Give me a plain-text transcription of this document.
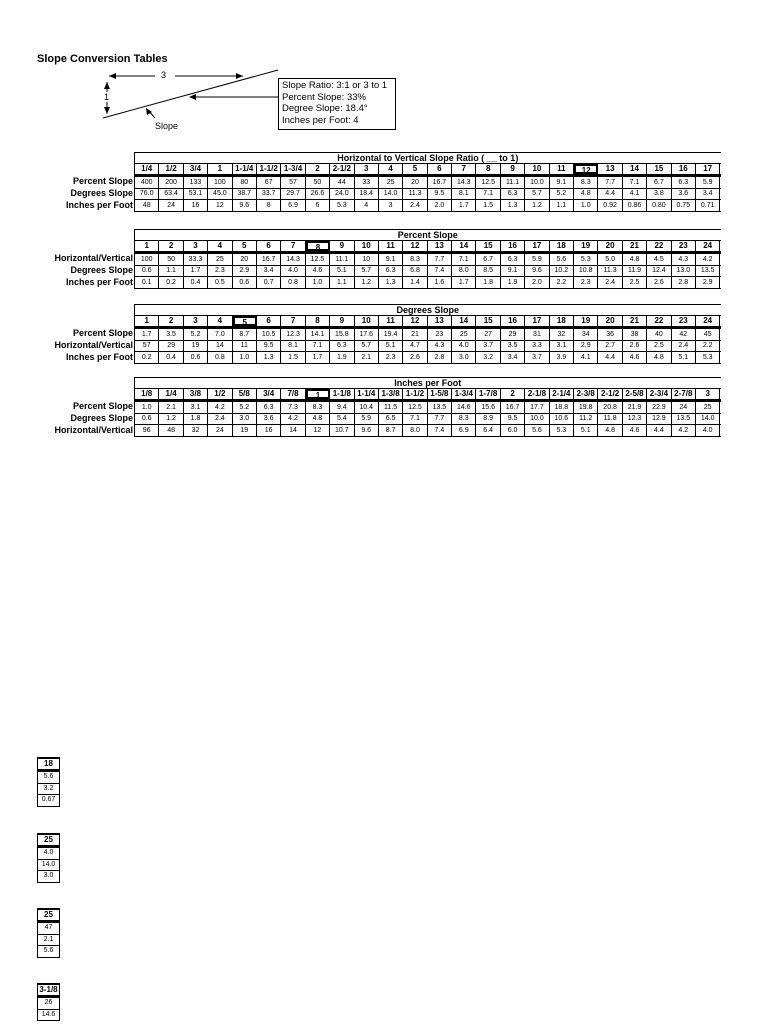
Slope Conversion Tables
3
1
Slope
Slope Ratio: 3:1 or 3 to 1
Percent Slope: 33%
Degree Slope: 18.4°
Inches per Foot: 4
Horizontal to Vertical Slope Ratio ( __ to 1)
1/4	1/2	3/4	1	1-1/4 1-1/2 1-3/4	2	2-1/2	3	4	5	6	7	8	9	10	11	12	13	14	15	16	17
Percent Slope	400	200	133	100	80	67	57	50	44	33	25	20	16.7	14.3	12.5	11.1	10.0	9.1	8.3	7.7	7.1	6.7	6.3	5.9
Degrees Slope 76.0	63.4	53.1	45.0	38.7	33.7	29.7	26.6	24.0	18.4	14.0	11.3	9.5	8.1	7.1	6.3	5.7	5.2	4.8	4.4	4.1	3.8	3.6	3.4
Inches per Foot	48	24	16	12	9.6	8	6.9	6	5.3	4	3	2.4	2.0	1.7	1.5	1.3	1.2	1.1	1.0	0.92	0.86	0.80	0.75	0.71
Percent Slope
1	2	3	4	5	6	7	8	9	10	11	12	13	14	15	16	17	18	19	20	21	22	23	24
Horizontal/Vertical	100	50	33.3	25	20	16.7	14.3	12.5	11.1	10	9.1	8.3	7.7	7.1	6.7	6.3	5.9	5.6	5.3	5.0	4.8	4.5	4.3	4.2
Degrees Slope	0.6	1.1	1.7	2.3	2.9	3.4	4.0	4.6	5.1	5.7	6.3	6.8	7.4	8.0	8.5	9.1	9.6	10.2	10.8	11.3	11.9	12.4	13.0	13.5
Inches per Foot	0.1	0.2	0.4	0.5	0.6	0.7	0.8	1.0	1.1	1.2	1.3	1.4	1.6	1.7	1.8	1.9	2.0	2.2	2.3	2.4	2.5	2.6	2.8	2.9
Degrees Slope
1	2	3	4	5	6	7	8	9	10	11	12	13	14	15	16	17	18	19	20	21	22	23	24
Percent Slope	1.7	3.5	5.2	7.0	8.7	10.5	12.3	14.1	15.8	17.6	19.4	21	23	25	27	29	31	32	34	36	38	40	42	45
Horizontal/Vertical	57	29	19	14	11	9.5	8.1	7.1	6.3	5.7	5.1	4.7	4.3	4.0	3.7	3.5	3.3	3.1	2.9	2.7	2.6	2.5	2.4	2.2
Inches per Foot	0.2	0.4	0.6	0.8	1.0	1.3	1.5	1.7	1.9	2.1	2.3	2.6	2.8	3.0	3.2	3.4	3.7	3.9	4.1	4.4	4.6	4.8	5.1	5.3
Inches per Foot
1/8	1/4	3/8	1/2	5/8	3/4	7/8	1	1-1/8 1-1/4 1-3/8 1-1/2 1-5/8 1-3/4 1-7/8	2	2-1/8 2-1/4 2-3/8 2-1/2 2-5/8 2-3/4 2-7/8	3
Percent Slope	1.0	2.1	3.1	4.2	5.2	6.3	7.3	8.3	9.4	10.4	11.5	12.5	13.5	14.6	15.6	16.7	17.7	18.8	19.8	20.8	21.9	22.9	24	25
Degrees Slope	0.6	1.2	1.8	2.4	3.0	3.6	4.2	4.8	5.4	5.9	6.5	7.1	7.7	8.3	8.9	9.5	10.0	10.6	11.2	11.8	12.3	12.9	13.5	14.0
Horizontal/Vertical	96	48	32	24	19	16	14	12	10.7	9.6	8.7	8.0	7.4	6.9	6.4	6.0	5.6	5.3	5.1	4.8	4.6	4.4	4.2	4.0
18
5.6
3.2
0.67
25
4.0
14.0
3.0
25
47
2.1
5.6
3-1/8
26
14.6
